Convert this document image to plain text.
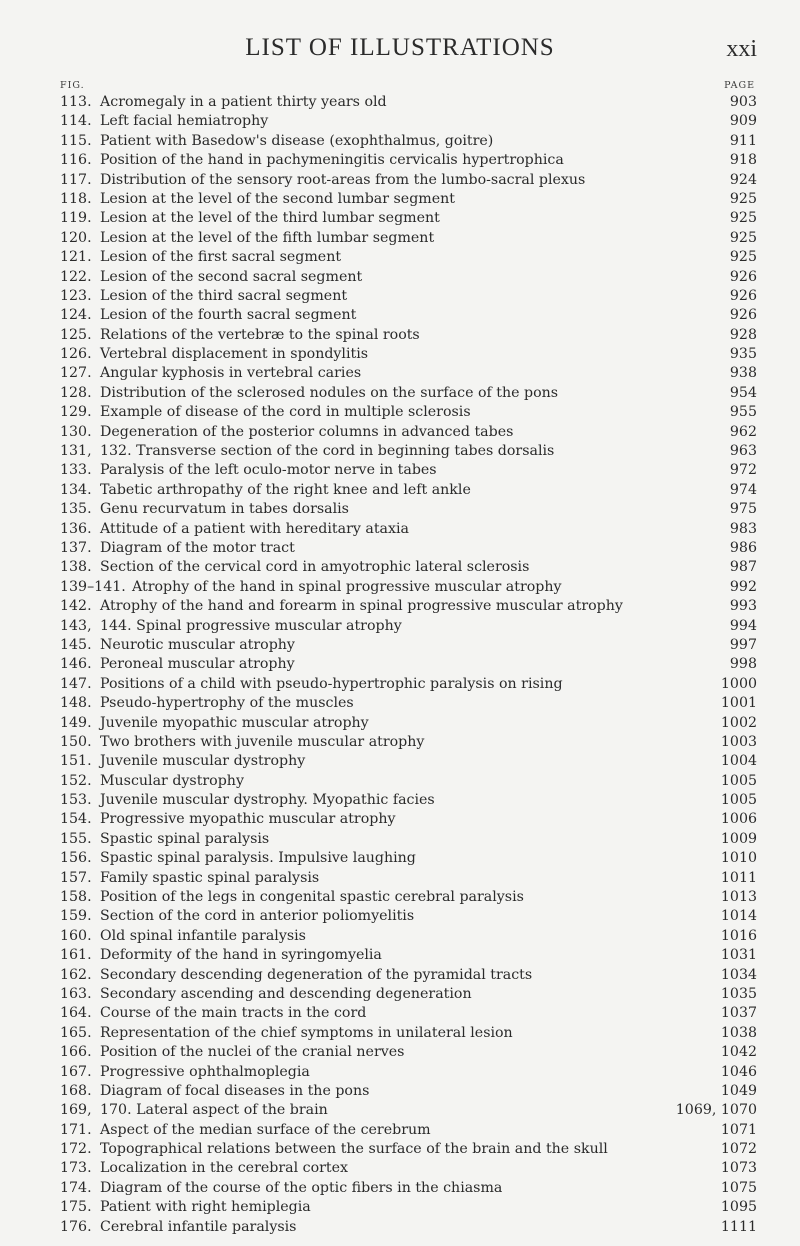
LIST OF ILLUSTRATIONS	xxi
FIG.	PAGE
113. Acromegaly in a patient thirty years old	903
114. Left facial hemiatrophy	909
115. Patient with Basedow's disease (exophthalmus, goitre)	911
116. Position of the hand in pachymeningitis cervicalis hypertrophica	918
117. Distribution of the sensory root-areas from the lumbo-sacral plexus	924
118. Lesion at the level of the second lumbar segment	925
119. Lesion at the level of the third lumbar segment	925
120. Lesion at the level of the fifth lumbar segment	925
121. Lesion of the first sacral segment	925
122. Lesion of the second sacral segment	926
123. Lesion of the third sacral segment	926
124. Lesion of the fourth sacral segment	926
125. Relations of the vertebræ to the spinal roots	928
126. Vertebral displacement in spondylitis	935
127. Angular kyphosis in vertebral caries	938
128. Distribution of the sclerosed nodules on the surface of the pons	954
129. Example of disease of the cord in multiple sclerosis	955
130. Degeneration of the posterior columns in advanced tabes	962
131, 132. Transverse section of the cord in beginning tabes dorsalis	963
133. Paralysis of the left oculo-motor nerve in tabes	972
134. Tabetic arthropathy of the right knee and left ankle	974
135. Genu recurvatum in tabes dorsalis	975
136. Attitude of a patient with hereditary ataxia	983
137. Diagram of the motor tract	986
138. Section of the cervical cord in amyotrophic lateral sclerosis	987
139–141. Atrophy of the hand in spinal progressive muscular atrophy	992
142. Atrophy of the hand and forearm in spinal progressive muscular atrophy	993
143, 144. Spinal progressive muscular atrophy	994
145. Neurotic muscular atrophy	997
146. Peroneal muscular atrophy	998
147. Positions of a child with pseudo-hypertrophic paralysis on rising	1000
148. Pseudo-hypertrophy of the muscles	1001
149. Juvenile myopathic muscular atrophy	1002
150. Two brothers with juvenile muscular atrophy	1003
151. Juvenile muscular dystrophy	1004
152. Muscular dystrophy	1005
153. Juvenile muscular dystrophy. Myopathic facies	1005
154. Progressive myopathic muscular atrophy	1006
155. Spastic spinal paralysis	1009
156. Spastic spinal paralysis. Impulsive laughing	1010
157. Family spastic spinal paralysis	1011
158. Position of the legs in congenital spastic cerebral paralysis	1013
159. Section of the cord in anterior poliomyelitis	1014
160. Old spinal infantile paralysis	1016
161. Deformity of the hand in syringomyelia	1031
162. Secondary descending degeneration of the pyramidal tracts	1034
163. Secondary ascending and descending degeneration	1035
164. Course of the main tracts in the cord	1037
165. Representation of the chief symptoms in unilateral lesion	1038
166. Position of the nuclei of the cranial nerves	1042
167. Progressive ophthalmoplegia	1046
168. Diagram of focal diseases in the pons	1049
169, 170. Lateral aspect of the brain	1069, 1070
171. Aspect of the median surface of the cerebrum	1071
172. Topographical relations between the surface of the brain and the skull	1072
173. Localization in the cerebral cortex	1073
174. Diagram of the course of the optic fibers in the chiasma	1075
175. Patient with right hemiplegia	1095
176. Cerebral infantile paralysis	1111
